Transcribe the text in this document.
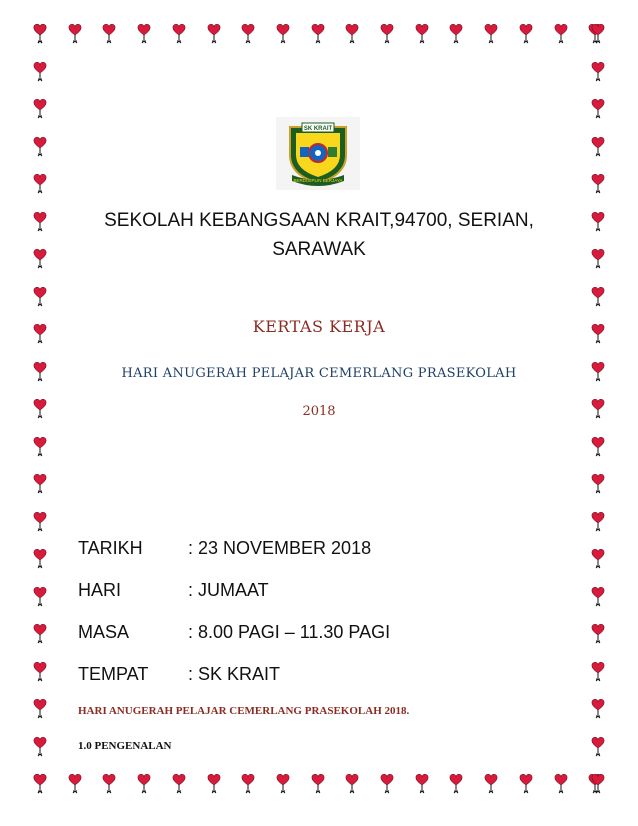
SK KRAIT
BERDISIPLIN BERJAYA
SEKOLAH KEBANGSAAN KRAIT,94700, SERIAN,
SARAWAK
KERTAS KERJA
HARI ANUGERAH PELAJAR CEMERLANG PRASEKOLAH
2018
TARIKH	: 23 NOVEMBER 2018
HARI	: JUMAAT
MASA	: 8.00 PAGI – 11.30 PAGI
TEMPAT	: SK KRAIT
HARI ANUGERAH PELAJAR CEMERLANG PRASEKOLAH 2018.
1.0 PENGENALAN
